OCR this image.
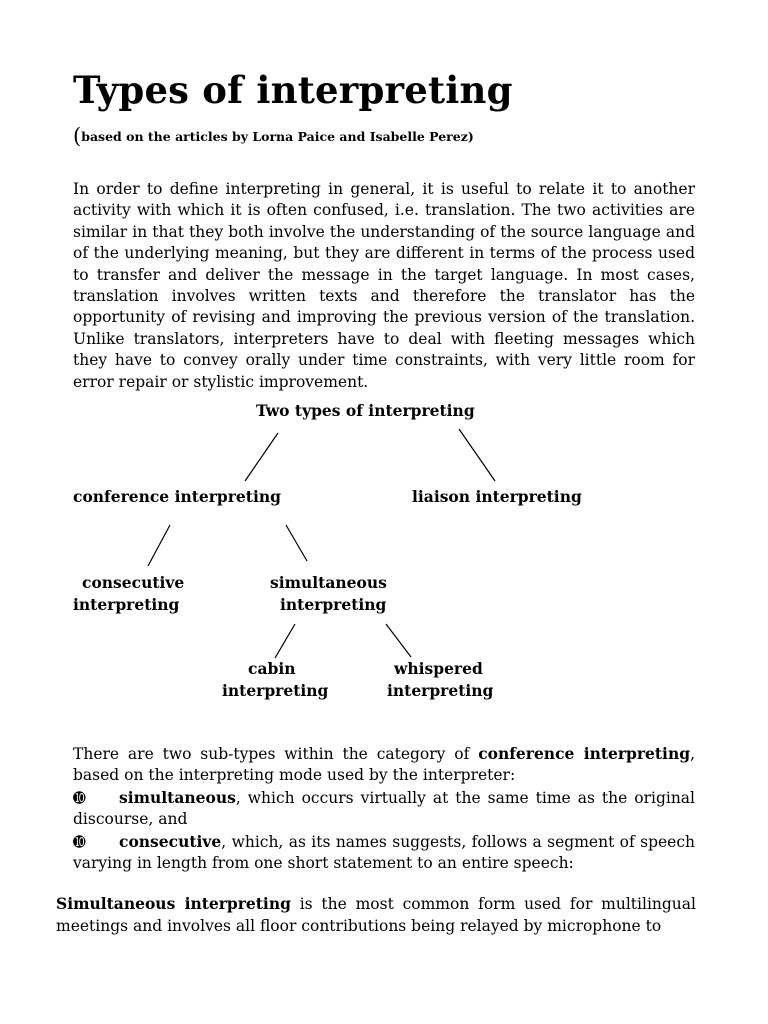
Types of interpreting

(based on the articles by Lorna Paice and Isabelle Perez)

In order to define interpreting in general, it is useful to relate it to another activity with which it is often confused, i.e. translation. The two activities are similar in that they both involve the understanding of the source language and of the underlying meaning, but they are different in terms of the process used to transfer and deliver the message in the target language. In most cases, translation involves written texts and therefore the translator has the opportunity of revising and improving the previous version of the translation. Unlike translators, interpreters have to deal with fleeting messages which they have to convey orally under time constraints, with very little room for error repair or stylistic improvement.

Two types of interpreting
conference interpreting	liaison interpreting
consecutive
interpreting
simultaneous
interpreting
cabin
interpreting
whispered
interpreting

There are two sub-types within the category of conference interpreting, based on the interpreting mode used by the interpreter:

➓ simultaneous, which occurs virtually at the same time as the original discourse, and

➓ consecutive, which, as its names suggests, follows a segment of speech varying in length from one short statement to an entire speech:

Simultaneous interpreting is the most common form used for multilingual meetings and involves all floor contributions being relayed by microphone to
